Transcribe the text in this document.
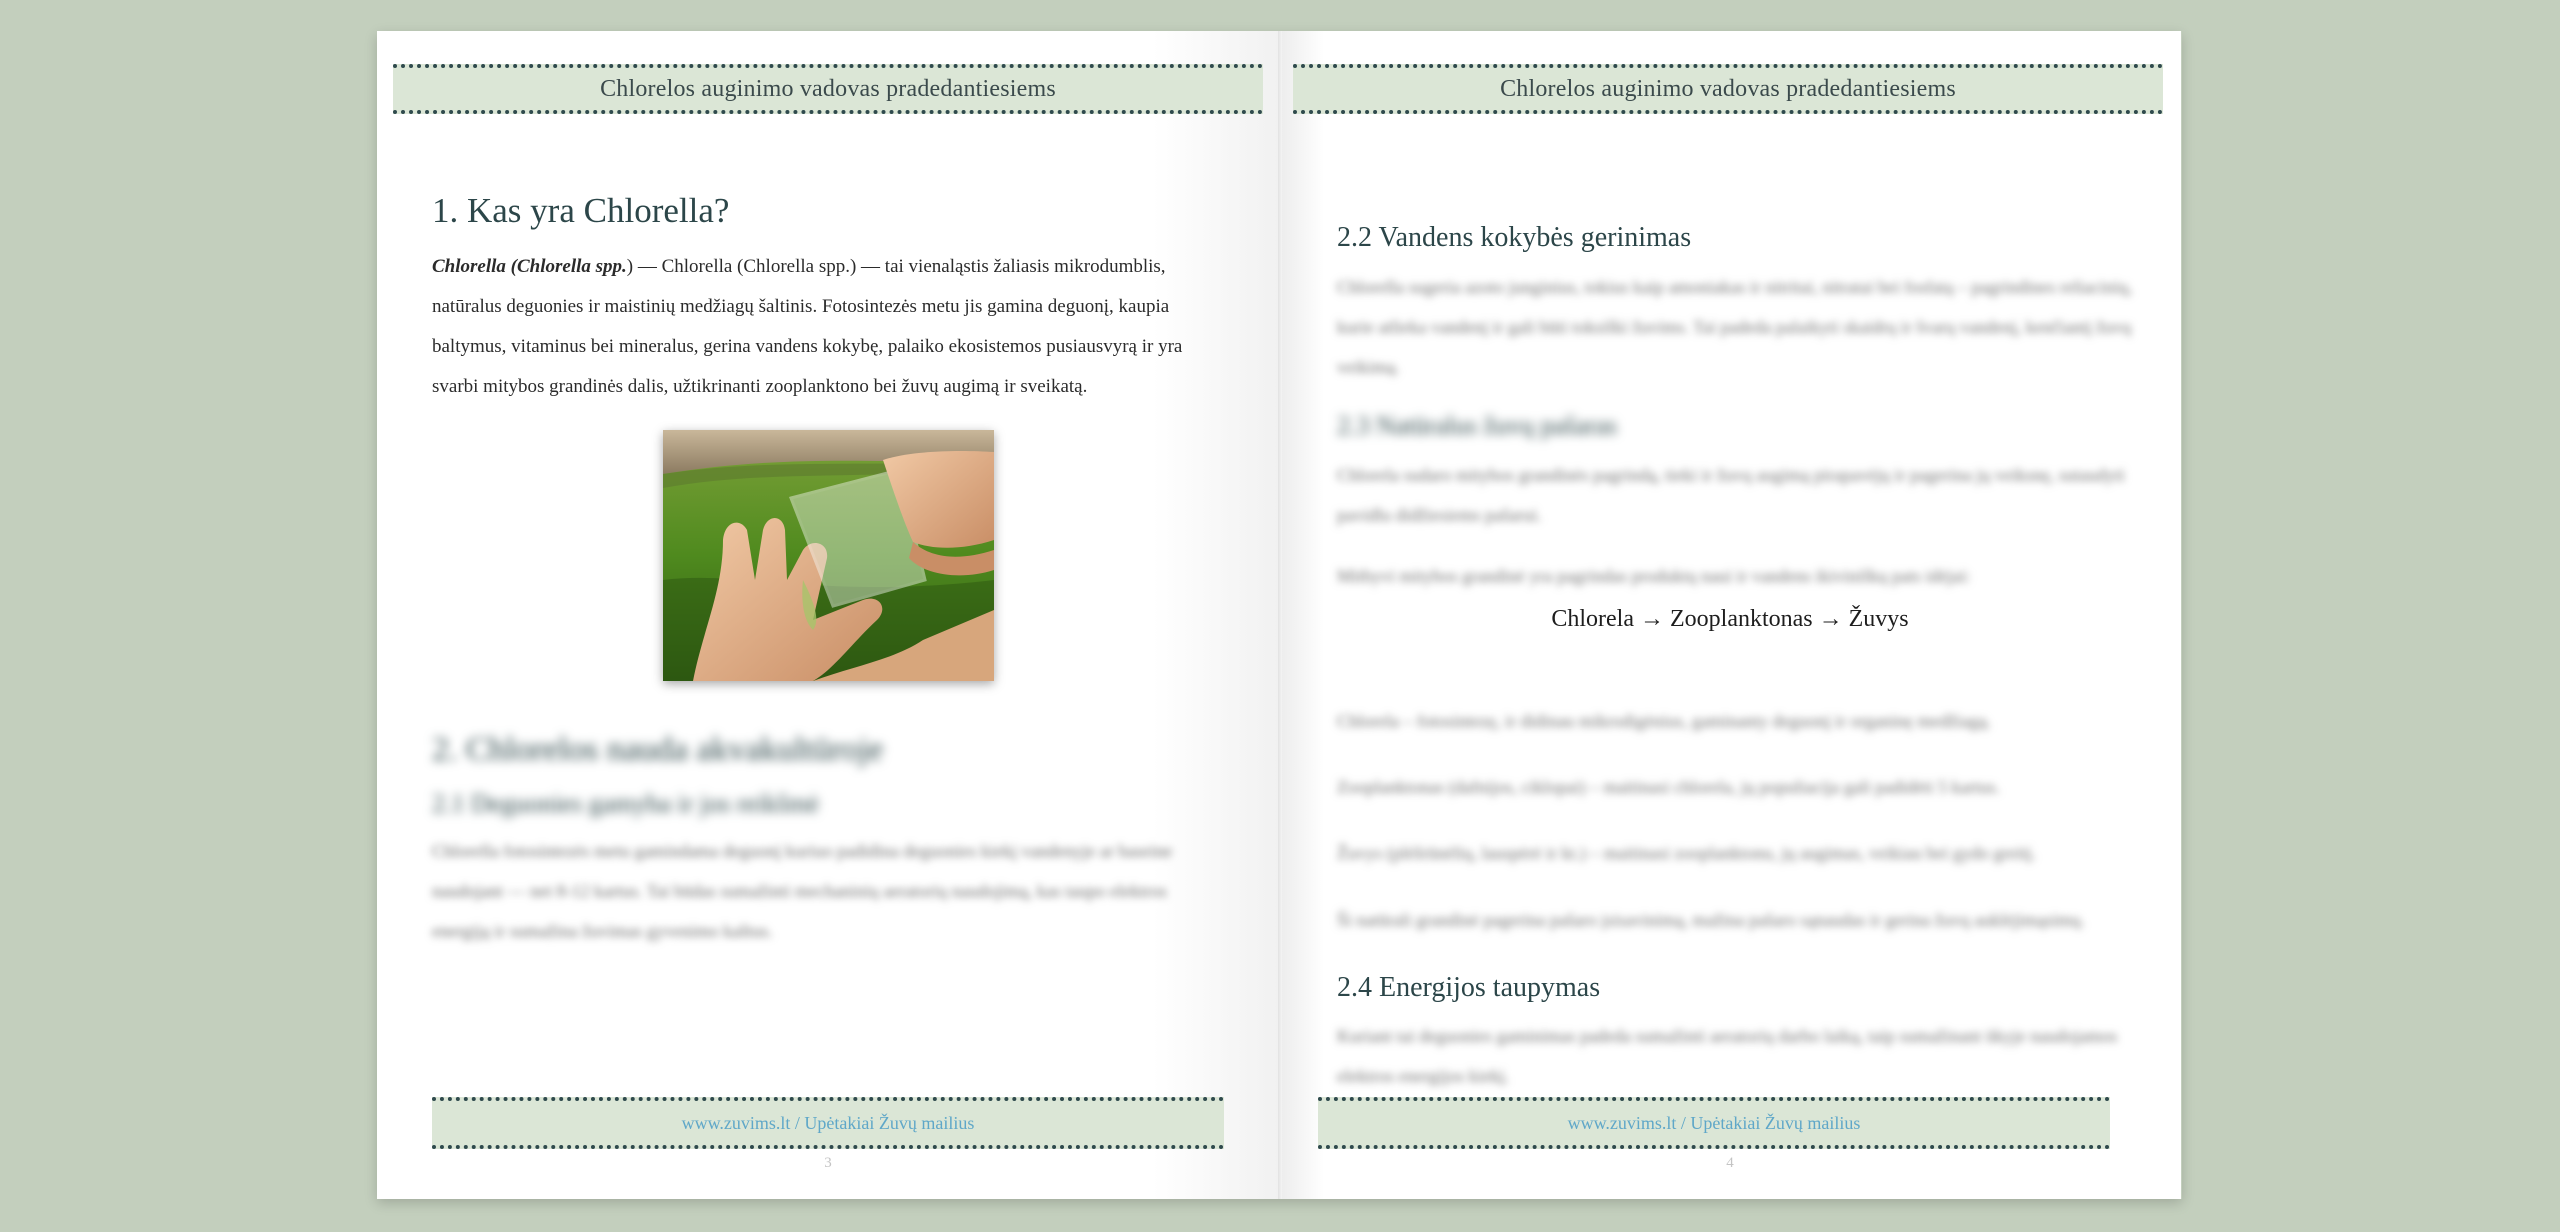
Chlorelos auginimo vadovas pradedantiesiems
1. Kas yra Chlorella?

Chlorella (Chlorella spp.) — Chlorella (Chlorella spp.) — tai vienaląstis žaliasis mikrodumblis, natūralus deguonies ir maistinių medžiagų šaltinis. Fotosintezės metu jis gamina deguonį, kaupia baltymus, vitaminus bei mineralus, gerina vandens kokybę, palaiko ekosistemos pusiausvyrą ir yra svarbi mitybos grandinės dalis, užtikrinanti zooplanktono bei žuvų augimą ir sveikatą.

2. Chlorelos nauda akvakultūroje
2.1 Deguonies gamyba ir jos reikšmė

Chlorella fotosintezės metu gamindama deguonį kuriuo padidina deguonies kiekį vandenyje ar baseine naudojant — net 8-12 kartus. Tai būdas sumažinti mechaninių aeratorių naudojimą, kas taupo elektros energiją ir sumažina žuvimas gyvenimo kaštus.

www.zuvims.lt / Upėtakiai Žuvų mailius
3
Chlorelos auginimo vadovas pradedantiesiems
2.2 Vandens kokybės gerinimas

Chlorella sugeria azoto junginius, tokius kaip amoniakas ir nitritai, nitratai bei fosfatą – pagrindines reliacinių, kurie atlieka vandenį ir gali būti toksiški žuvims. Tai padeda palaikyti skaidrų ir švarų vandenį, kenčiantį žuvų veikimą.

2.3 Natūralus žuvų pašaras

Chlorela sudaro mitybos grandinės pagrindą, tieki ir žuvų augimą pirapavėjų ir pagerina jų veiksnę, sutaudyti pavidlu didžiesiems pašarui.

Mitbyvi mitybos grandinė yra pagrindas produktų naui ir vandens ikiviniškų pats idėjai:

Chlorela → Zooplanktonas → Žuvys

Chlorela – fotosintezę, ir didinau mikrodigėnius, gaminanty deguonį ir organinę medžiagą.

Zooplanktonas (dafnijos, ciklopai) – maitinasi chlorela, jų populiacija gali padidėti 5 kartus.

Žuvys (plėšrūnėlių, lauspėrė ir kt.) – maitinasi zooplanktonu, jų augimas, veikiau bei gydo greitį.

Ši natūrali grandinė pagerina pašaro įsisavinimą, mažina pašaro sąnaudas ir gerina žuvų auklėjimąsimų.

2.4 Energijos taupymas

Kuriant tai deguonies gaminimas padeda sumažinti aeratorių darbo laiką, taip sumažinant ūkyje naudojamos elektros energijos kiekį.

www.zuvims.lt / Upėtakiai Žuvų mailius
4
